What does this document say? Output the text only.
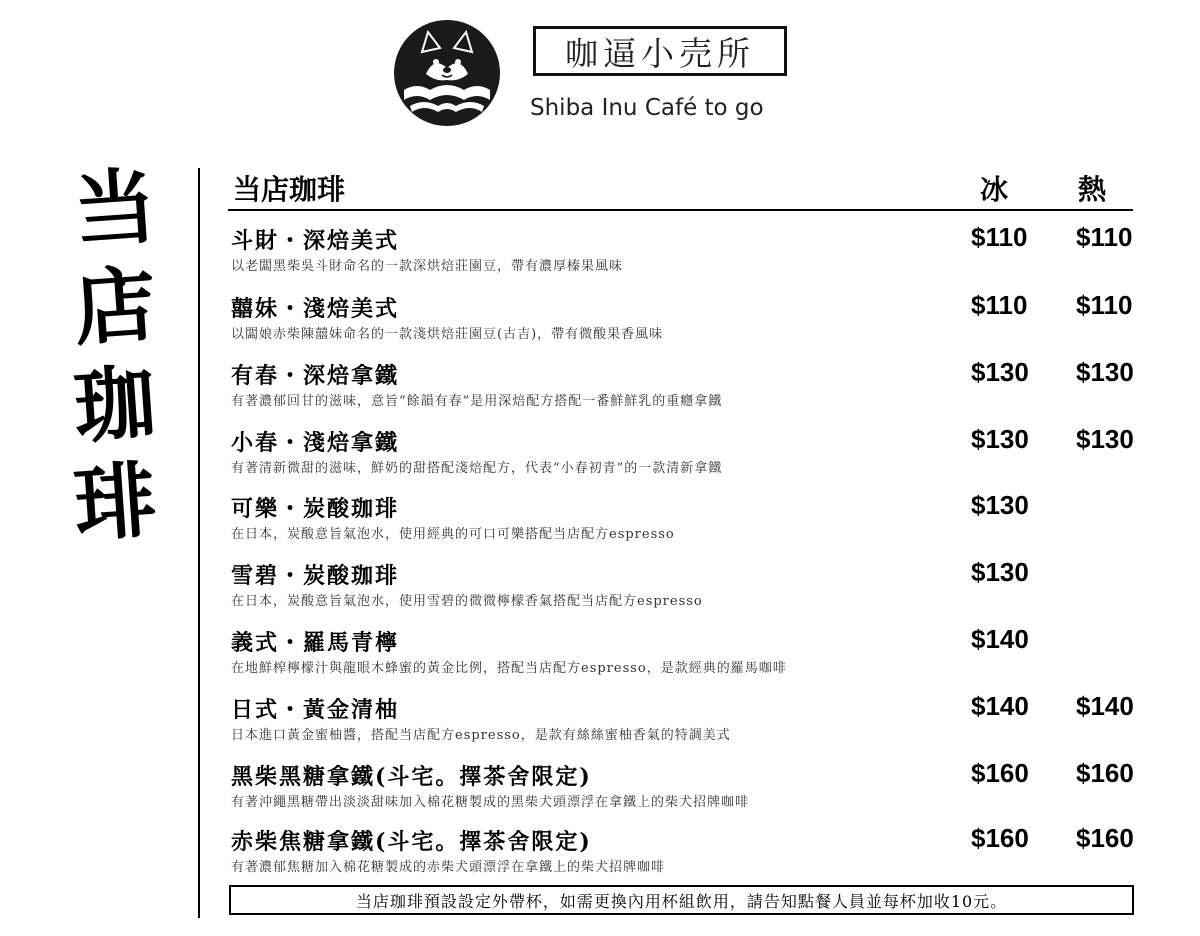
咖逼小売所
Shiba Inu Café to go
当
店
珈
琲
当店珈琲	冰 熱
斗財・深焙美式
以老闆黑柴吳斗財命名的一款深烘焙莊園豆，帶有濃厚榛果風味
$110 $110
囍妹・淺焙美式
以闆娘赤柴陳囍妹命名的一款淺烘焙莊園豆(古吉)，帶有微酸果香風味
$110 $110
有春・深焙拿鐵
有著濃郁回甘的滋味，意旨“餘韻有春”是用深焙配方搭配一番鮮鮮乳的重癮拿鐵
$130 $130
小春・淺焙拿鐵
有著清新微甜的滋味，鮮奶的甜搭配淺焙配方，代表“小春初青”的一款清新拿鐵
$130 $130
可樂・炭酸珈琲
在日本，炭酸意旨氣泡水，使用經典的可口可樂搭配当店配方espresso
$130
雪碧・炭酸珈琲
在日本，炭酸意旨氣泡水，使用雪碧的微微檸檬香氣搭配当店配方espresso
$130
義式・羅馬青檸
在地鮮榨檸檬汁與龍眼木蜂蜜的黃金比例，搭配当店配方espresso，是款經典的羅馬咖啡
$140
日式・黃金清柚
日本進口黃金蜜柚醬，搭配当店配方espresso，是款有絲絲蜜柚香氣的特調美式
$140 $140
黑柴黑糖拿鐵(斗宅。擇茶舍限定)
有著沖繩黑糖帶出淡淡甜味加入棉花糖製成的黑柴犬頭漂浮在拿鐵上的柴犬招牌咖啡
$160 $160
赤柴焦糖拿鐵(斗宅。擇茶舍限定)
有著濃郁焦糖加入棉花糖製成的赤柴犬頭漂浮在拿鐵上的柴犬招牌咖啡
$160 $160
当店珈琲預設設定外帶杯，如需更換內用杯組飲用，請告知點餐人員並每杯加收10元。
